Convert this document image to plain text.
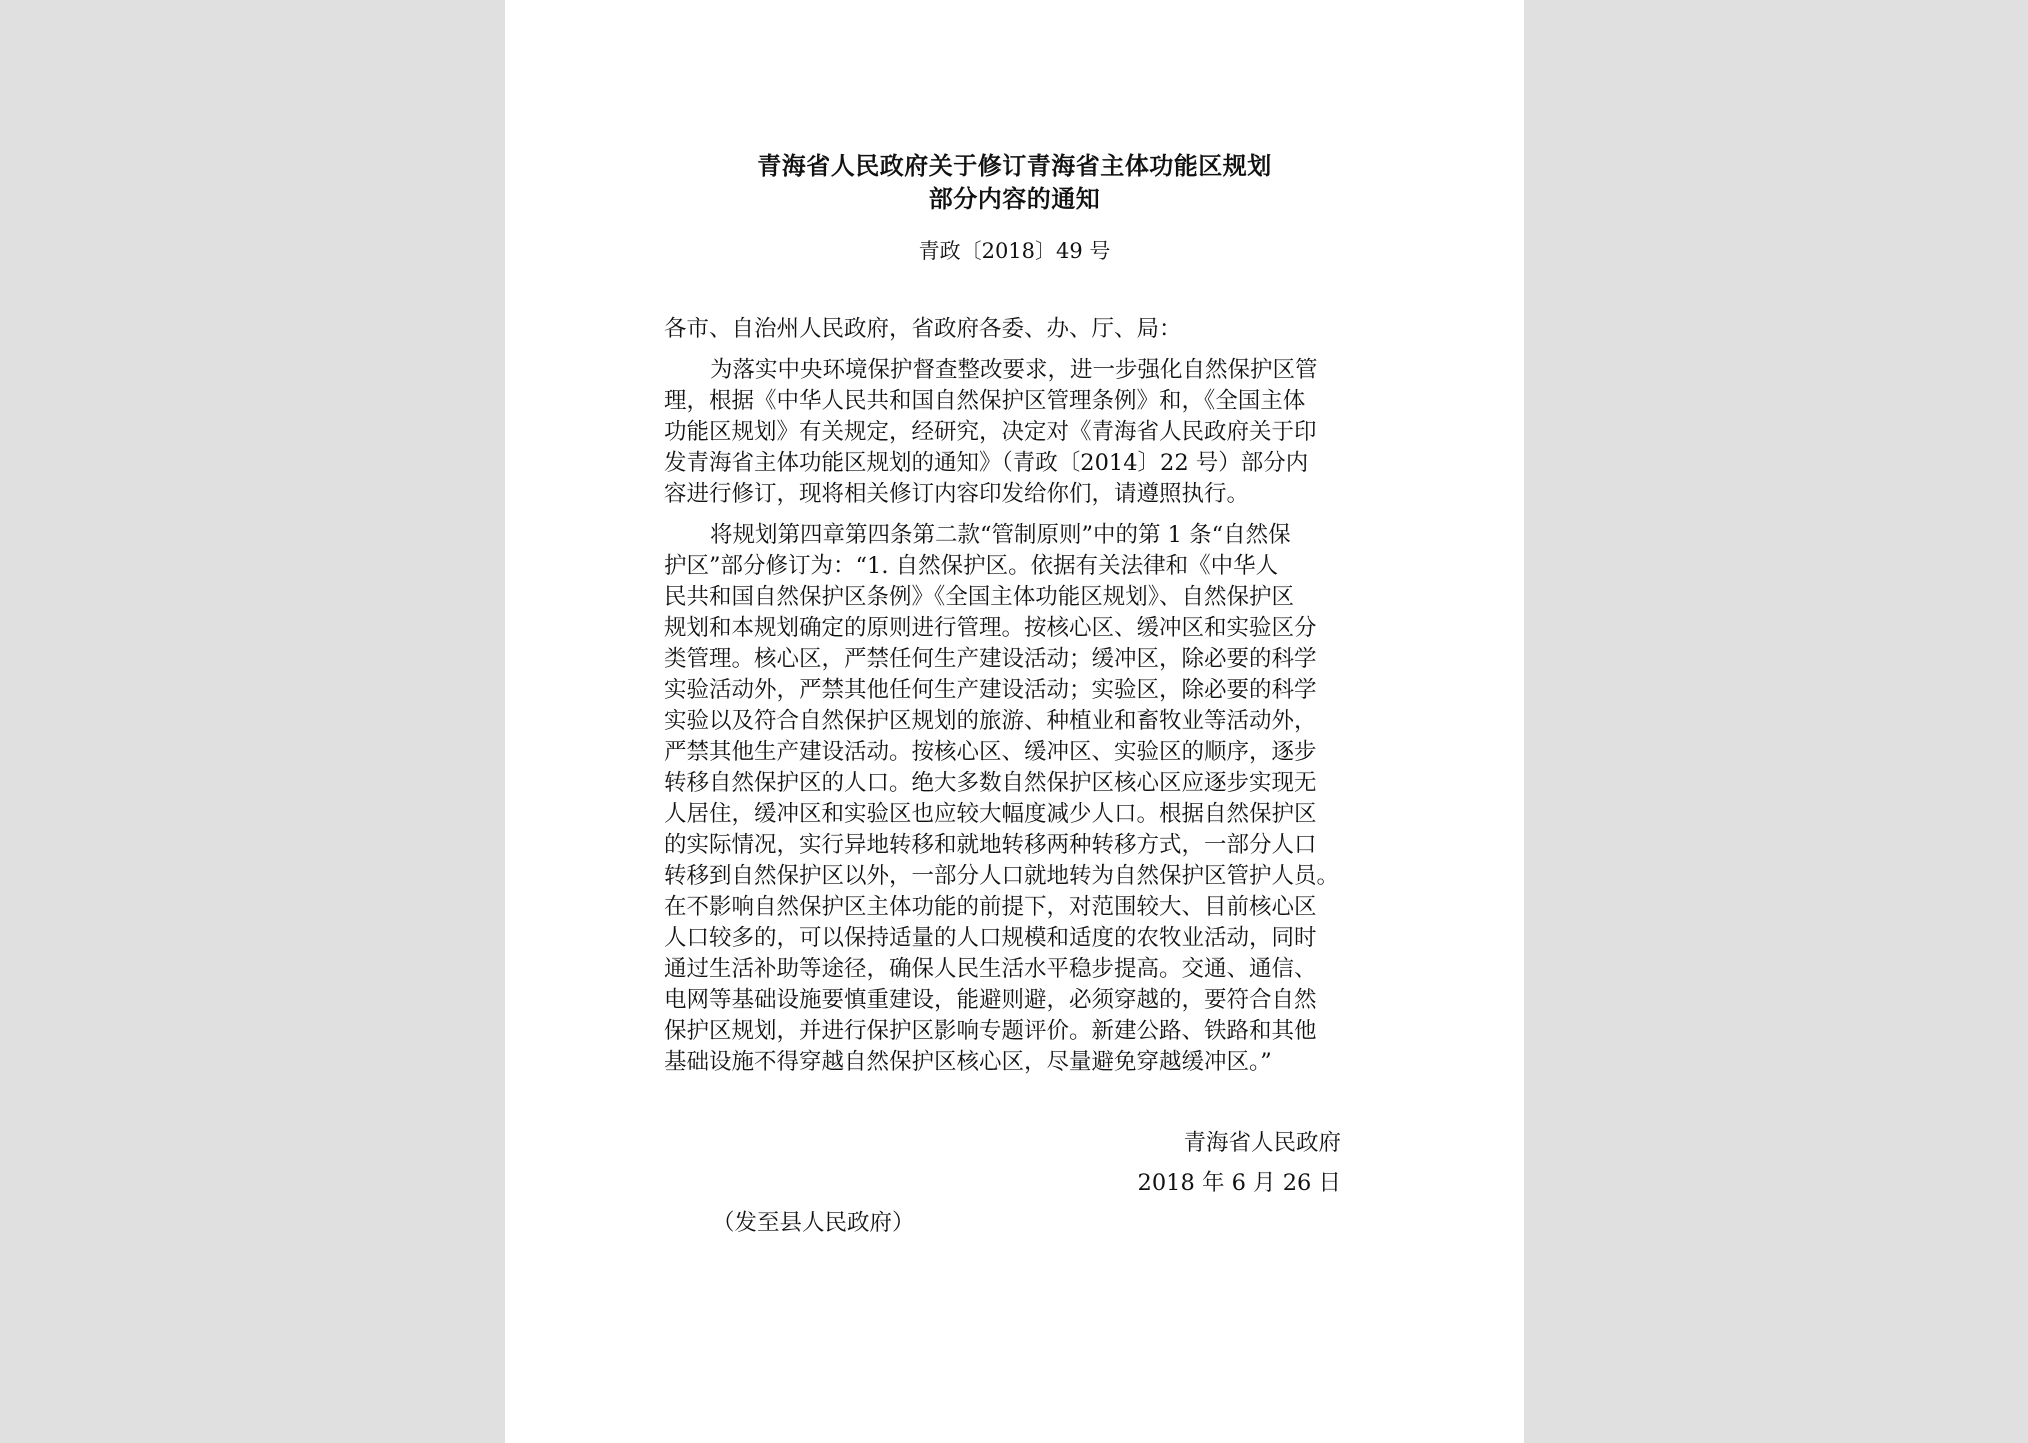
青海省人民政府关于修订青海省主体功能区规划
部分内容的通知
青政〔2018〕49 号
各市、自治州人民政府，省政府各委、办、厅、局：
为落实中央环境保护督查整改要求，进一步强化自然保护区管
理，根据《中华人民共和国自然保护区管理条例》和，《全国主体
功能区规划》有关规定，经研究，决定对《青海省人民政府关于印
发青海省主体功能区规划的通知》（青政〔2014〕22 号）部分内
容进行修订，现将相关修订内容印发给你们，请遵照执行。
将规划第四章第四条第二款“管制原则”中的第 1 条“自然保
护区”部分修订为：“1. 自然保护区。依据有关法律和《中华人
民共和国自然保护区条例》《全国主体功能区规划》、自然保护区
规划和本规划确定的原则进行管理。按核心区、缓冲区和实验区分
类管理。核心区，严禁任何生产建设活动；缓冲区，除必要的科学
实验活动外，严禁其他任何生产建设活动；实验区，除必要的科学
实验以及符合自然保护区规划的旅游、种植业和畜牧业等活动外，
严禁其他生产建设活动。按核心区、缓冲区、实验区的顺序，逐步
转移自然保护区的人口。绝大多数自然保护区核心区应逐步实现无
人居住，缓冲区和实验区也应较大幅度减少人口。根据自然保护区
的实际情况，实行异地转移和就地转移两种转移方式，一部分人口
转移到自然保护区以外，一部分人口就地转为自然保护区管护人员。
在不影响自然保护区主体功能的前提下，对范围较大、目前核心区
人口较多的，可以保持适量的人口规模和适度的农牧业活动，同时
通过生活补助等途径，确保人民生活水平稳步提高。交通、通信、
电网等基础设施要慎重建设，能避则避，必须穿越的，要符合自然
保护区规划，并进行保护区影响专题评价。新建公路、铁路和其他
基础设施不得穿越自然保护区核心区，尽量避免穿越缓冲区。”
青海省人民政府
2018 年 6 月 26 日
（发至县人民政府）
